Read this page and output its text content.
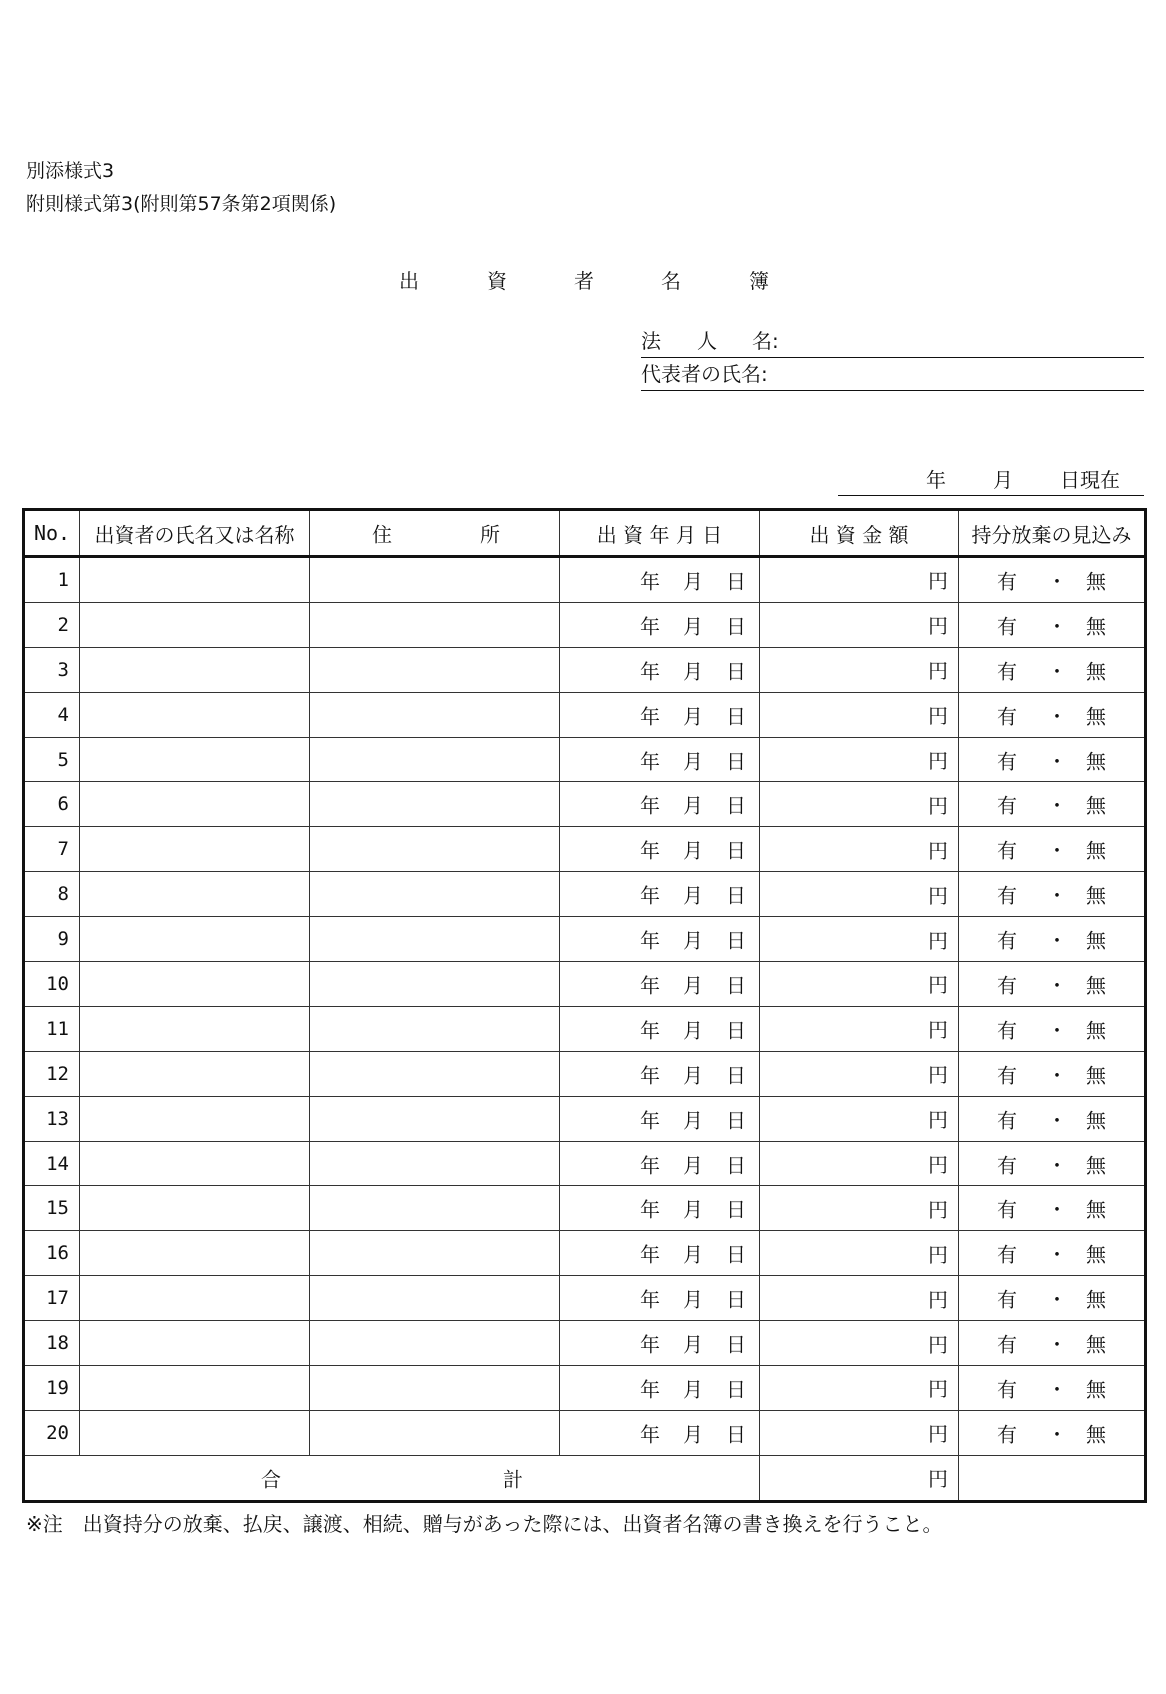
別添様式3
附則様式第3(附則第57条第2項関係)
出	資	者	名	簿
法 人 名:
代表者の氏名:
年 月 日現在
No.	出資者の氏名又は名称	住 所	出 資 年 月 日	出 資 金 額	持分放棄の見込み
1			年 月 日	円	有 ・ 無

2			年 月 日	円	有 ・ 無

3			年 月 日	円	有 ・ 無

4			年 月 日	円	有 ・ 無

5			年 月 日	円	有 ・ 無

6			年 月 日	円	有 ・ 無

7			年 月 日	円	有 ・ 無

8			年 月 日	円	有 ・ 無

9			年 月 日	円	有 ・ 無

10			年 月 日	円	有 ・ 無

11			年 月 日	円	有 ・ 無

12			年 月 日	円	有 ・ 無

13			年 月 日	円	有 ・ 無

14			年 月 日	円	有 ・ 無

15			年 月 日	円	有 ・ 無

16			年 月 日	円	有 ・ 無

17			年 月 日	円	有 ・ 無

18			年 月 日	円	有 ・ 無

19			年 月 日	円	有 ・ 無

20			年 月 日	円	有 ・ 無

合 計				円	
※注　出資持分の放棄、払戻、譲渡、相続、贈与があった際には、出資者名簿の書き換えを行うこと。
